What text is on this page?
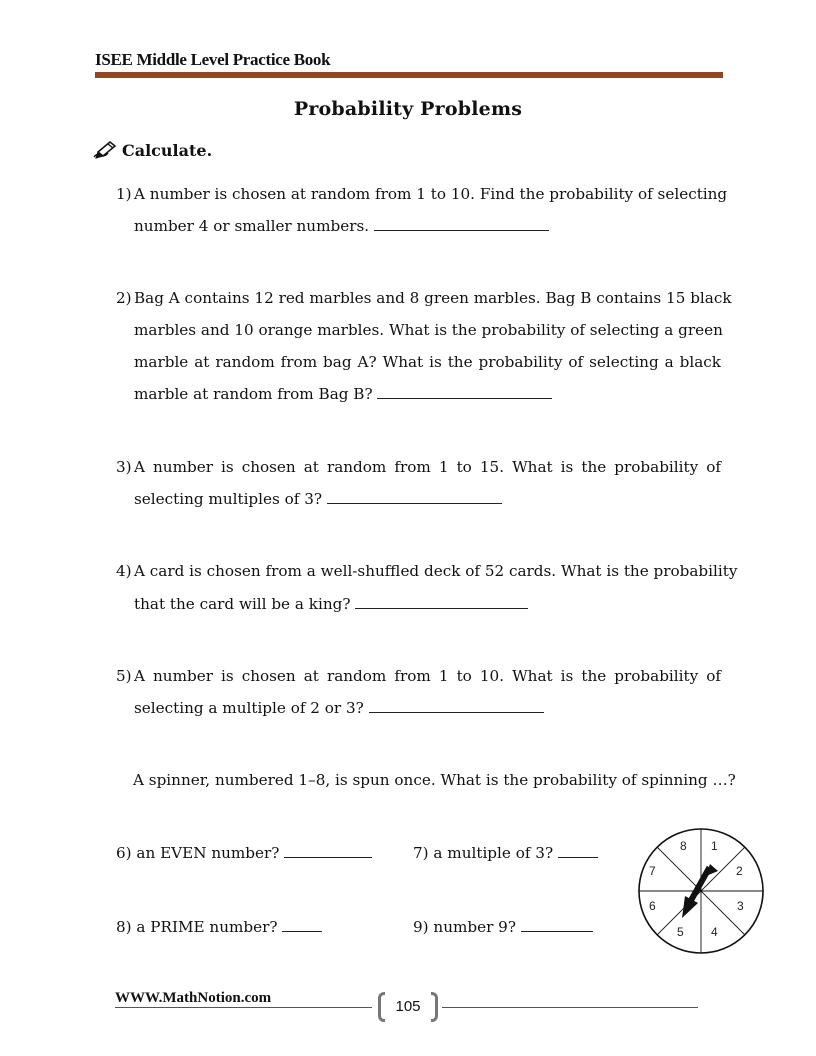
ISEE Middle Level Practice Book
Probability Problems
Calculate.
1) A number is chosen at random from 1 to 10. Find the probability of selecting
number 4 or smaller numbers.
2) Bag A contains 12 red marbles and 8 green marbles. Bag B contains 15 black
marbles and 10 orange marbles. What is the probability of selecting a green
marble at random from bag A? What is the probability of selecting a black
marble at random from Bag B?
3) A number is chosen at random from 1 to 15. What is the probability of
selecting multiples of 3?
4) A card is chosen from a well-shuffled deck of 52 cards. What is the probability
that the card will be a king?
5) A number is chosen at random from 1 to 10. What is the probability of
selecting a multiple of 2 or 3?
A spinner, numbered 1–8, is spun once. What is the probability of spinning …?
6) an EVEN number?	7) a multiple of 3?
8) a PRIME number?	9) number 9?
8 1
2
3
4
5
6
7
WWW.MathNotion.com	105
